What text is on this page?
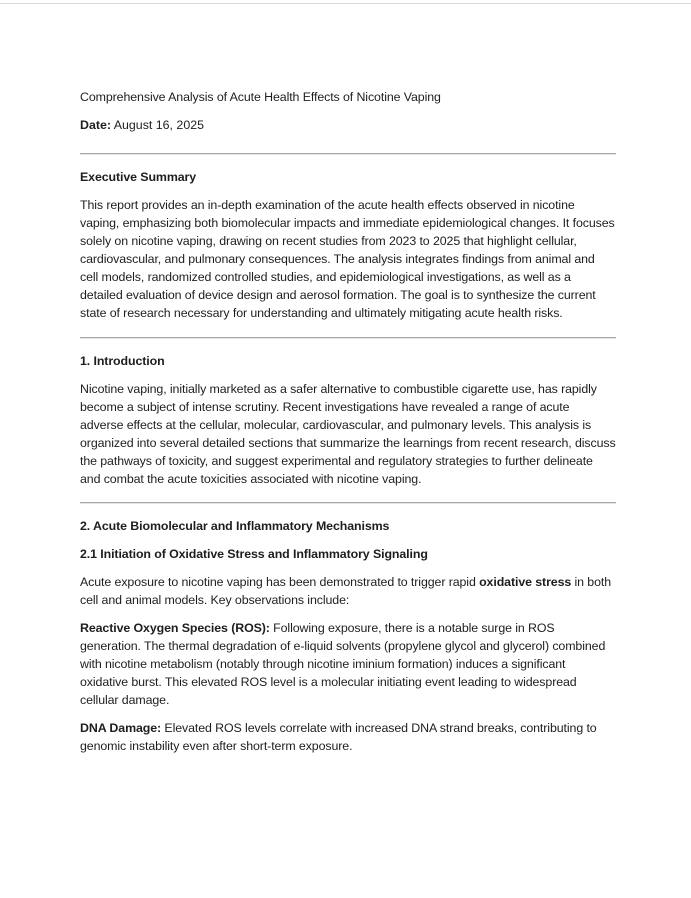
Comprehensive Analysis of Acute Health Effects of Nicotine Vaping
Date: August 16, 2025
Executive Summary

This report provides an in-depth examination of the acute health effects observed in nicotine vaping, emphasizing both biomolecular impacts and immediate epidemiological changes. It focuses solely on nicotine vaping, drawing on recent studies from 2023 to 2025 that highlight cellular, cardiovascular, and pulmonary consequences. The analysis integrates findings from animal and cell models, randomized controlled studies, and epidemiological investigations, as well as a detailed evaluation of device design and aerosol formation. The goal is to synthesize the current state of research necessary for understanding and ultimately mitigating acute health risks.

1. Introduction

Nicotine vaping, initially marketed as a safer alternative to combustible cigarette use, has rapidly become a subject of intense scrutiny. Recent investigations have revealed a range of acute adverse effects at the cellular, molecular, cardiovascular, and pulmonary levels. This analysis is organized into several detailed sections that summarize the learnings from recent research, discuss the pathways of toxicity, and suggest experimental and regulatory strategies to further delineate and combat the acute toxicities associated with nicotine vaping.

2. Acute Biomolecular and Inflammatory Mechanisms
2.1 Initiation of Oxidative Stress and Inflammatory Signaling

Acute exposure to nicotine vaping has been demonstrated to trigger rapid oxidative stress in both cell and animal models. Key observations include:

Reactive Oxygen Species (ROS): Following exposure, there is a notable surge in ROS generation. The thermal degradation of e-liquid solvents (propylene glycol and glycerol) combined with nicotine metabolism (notably through nicotine iminium formation) induces a significant oxidative burst. This elevated ROS level is a molecular initiating event leading to widespread cellular damage.

DNA Damage: Elevated ROS levels correlate with increased DNA strand breaks, contributing to genomic instability even after short-term exposure.
